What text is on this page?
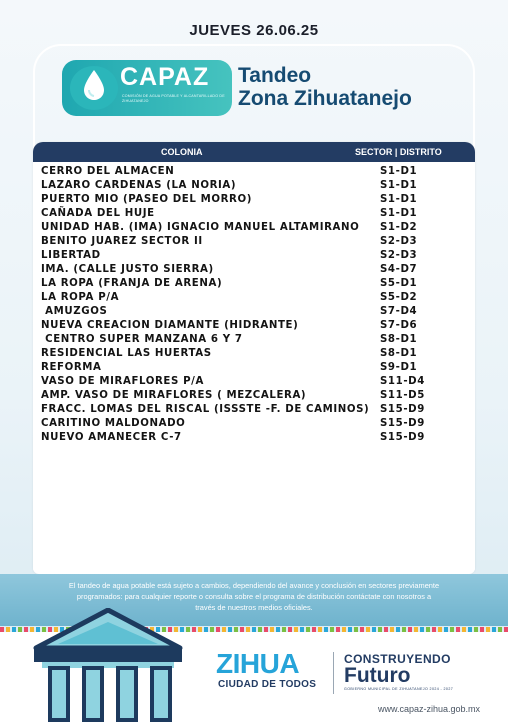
JUEVES 26.06.25
CAPAZ
COMISIÓN DE AGUA POTABLE Y ALCANTARILLADO DE ZIHUATANEJO
Tandeo
Zona Zihuatanejo
COLONIA	SECTOR | DISTRITO
CERRO DEL ALMACEN	S1-D1
LAZARO CARDENAS (LA NORIA)	S1-D1
PUERTO MIO (PASEO DEL MORRO)	S1-D1
CAÑADA DEL HUJE	S1-D1
UNIDAD HAB. (IMA) IGNACIO MANUEL ALTAMIRANO S1-D2
BENITO JUAREZ SECTOR II	S2-D3
LIBERTAD	S2-D3
IMA. (CALLE JUSTO SIERRA)	S4-D7
LA ROPA (FRANJA DE ARENA)	S5-D1
LA ROPA P/A	S5-D2
AMUZGOS	S7-D4
NUEVA CREACION DIAMANTE (HIDRANTE)	S7-D6
CENTRO SUPER MANZANA 6 Y 7	S8-D1
RESIDENCIAL LAS HUERTAS	S8-D1
REFORMA	S9-D1
VASO DE MIRAFLORES P/A	S11-D4
AMP. VASO DE MIRAFLORES ( MEZCALERA)	S11-D5
FRACC. LOMAS DEL RISCAL (ISSSTE -F. DE CAMINOS) S15-D9
CARITINO MALDONADO	S15-D9
NUEVO AMANECER C-7	S15-D9
El tandeo de agua potable está sujeto a cambios, dependiendo del avance y conclusión en sectores previamente
programados: para cualquier reporte o consulta sobre el programa de distribución contáctate con nosotros a
través de nuestros medios oficiales.
ZIHUA
CIUDAD DE TODOS
CONSTRUYENDO
Futuro
GOBIERNO MUNICIPAL DE ZIHUATANEJO 2024 - 2027
www.capaz-zihua.gob.mx
